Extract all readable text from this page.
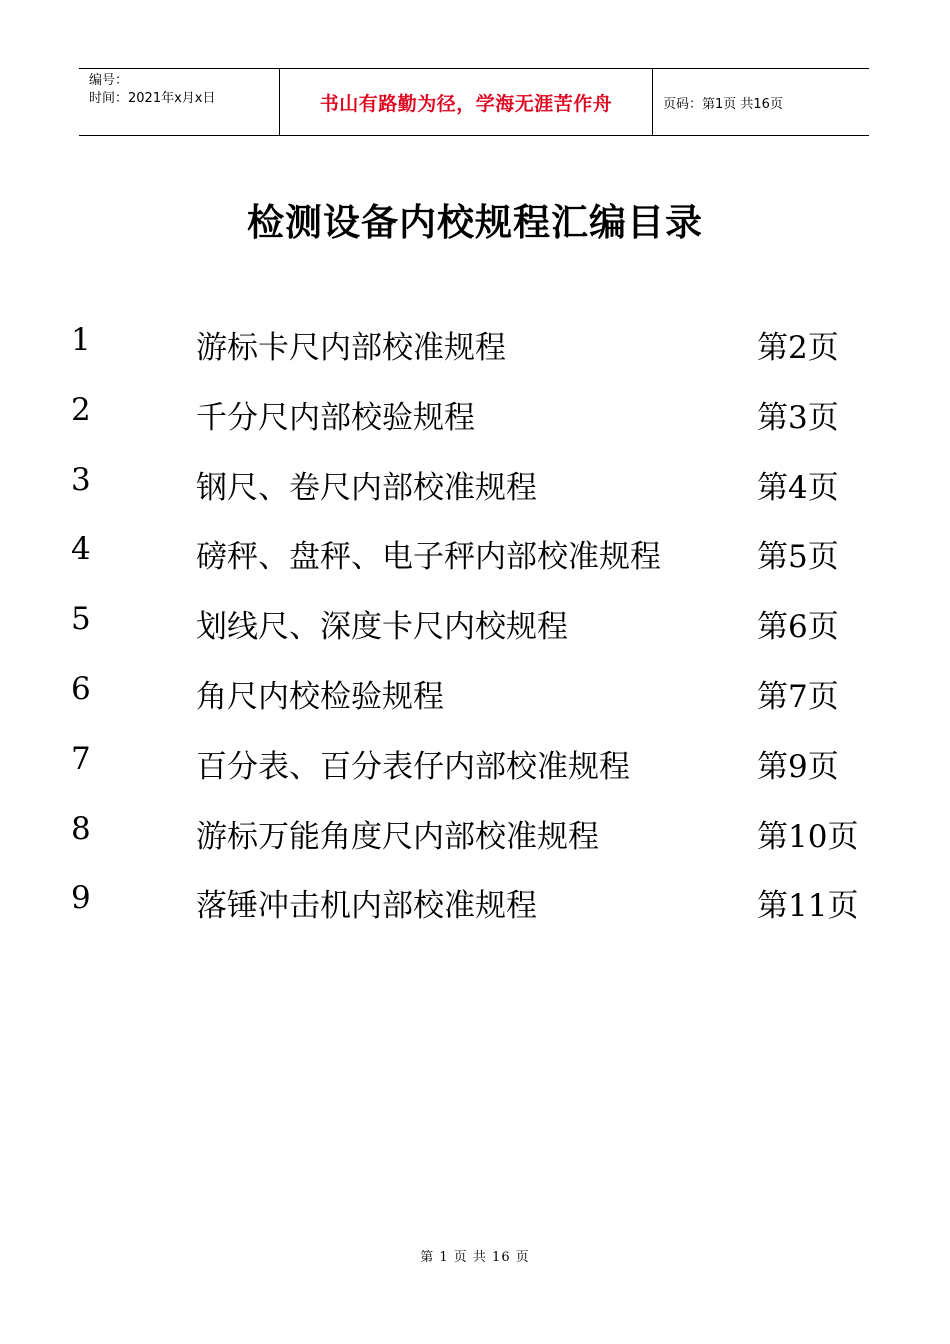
编号：
时间：2021年x月x日	书山有路勤为径，学海无涯苦作舟	页码：第1页 共16页
检测设备内校规程汇编目录
1	游标卡尺内部校准规程	第2页
2	千分尺内部校验规程	第3页
3	钢尺、卷尺内部校准规程	第4页
4	磅秤、盘秤、电子秤内部校准规程	第5页
5	划线尺、深度卡尺内校规程	第6页
6	角尺内校检验规程	第7页
7	百分表、百分表仔内部校准规程	第9页
8	游标万能角度尺内部校准规程	第10页
9	落锤冲击机内部校准规程	第11页
第 1 页 共 16 页
